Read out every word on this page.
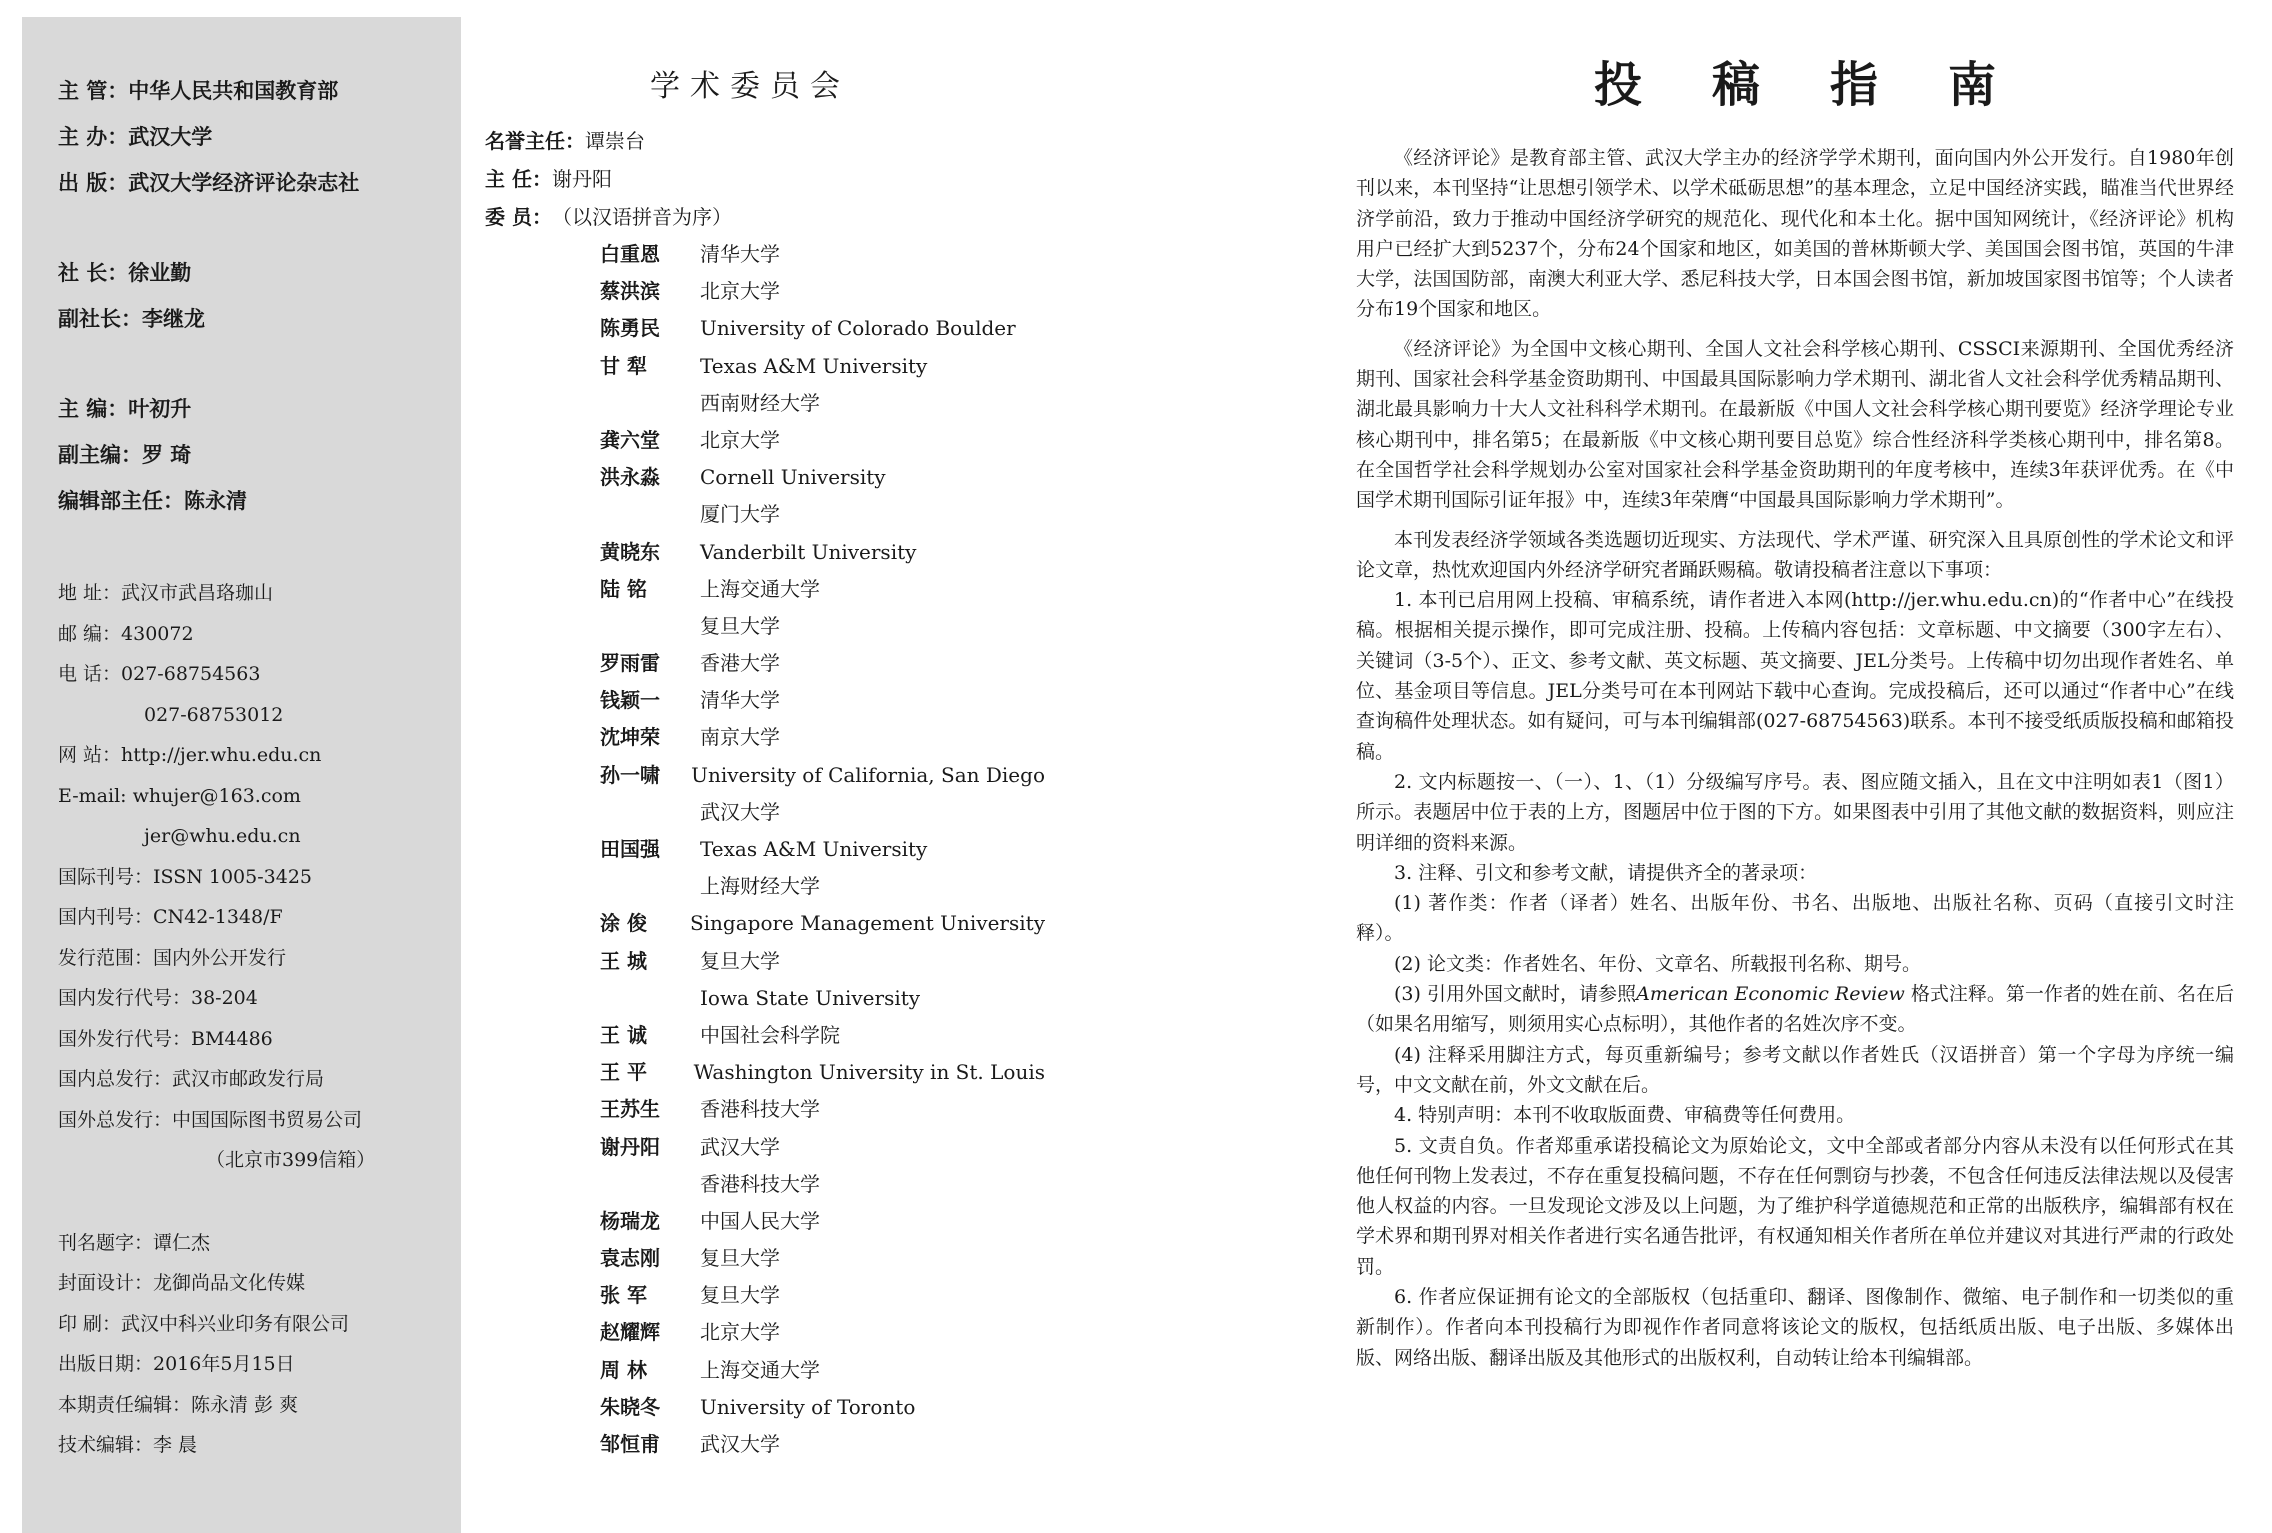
主 管：中华人民共和国教育部
主 办：武汉大学
出 版：武汉大学经济评论杂志社
社 长：徐业勤
副社长：李继龙
主 编：叶初升
副主编：罗 琦
编辑部主任：陈永清
地 址：武汉市武昌珞珈山
邮 编：430072
电 话：027-68754563
027-68753012
网 站：http://jer.whu.edu.cn
E-mail: whujer@163.com
jer@whu.edu.cn
国际刊号：ISSN 1005-3425
国内刊号：CN42-1348/F
发行范围：国内外公开发行
国内发行代号：38-204
国外发行代号：BM4486
国内总发行：武汉市邮政发行局
国外总发行：中国国际图书贸易公司
（北京市399信箱）
刊名题字：谭仁杰
封面设计：龙御尚品文化传媒
印 刷：武汉中科兴业印务有限公司
出版日期：2016年5月15日
本期责任编辑：陈永清 彭 爽
技术编辑：李 晨
学术委员会
名誉主任：谭崇台
主 任：谢丹阳
委 员：（以汉语拼音为序）
白重恩	清华大学
蔡洪滨	北京大学
陈勇民	University of Colorado Boulder
甘 犁	Texas A&M University
西南财经大学
龚六堂	北京大学
洪永淼	Cornell University
厦门大学
黄晓东	Vanderbilt University
陆 铭	上海交通大学
复旦大学
罗雨雷	香港大学
钱颖一	清华大学
沈坤荣	南京大学
孙一啸	University of California, San Diego
武汉大学
田国强	Texas A&M University
上海财经大学
涂 俊	Singapore Management University
王 城	复旦大学
Iowa State University
王 诚	中国社会科学院
王 平	Washington University in St. Louis
王苏生	香港科技大学
谢丹阳	武汉大学
香港科技大学
杨瑞龙	中国人民大学
袁志刚	复旦大学
张 军	复旦大学
赵耀辉	北京大学
周 林	上海交通大学
朱晓冬	University of Toronto
邹恒甫	武汉大学
投稿指南

《经济评论》是教育部主管、武汉大学主办的经济学学术期刊，面向国内外公开发行。自1980年创刊以来，本刊坚持“让思想引领学术、以学术砥砺思想”的基本理念，立足中国经济实践，瞄准当代世界经济学前沿，致力于推动中国经济学研究的规范化、现代化和本土化。据中国知网统计，《经济评论》机构用户已经扩大到5237个，分布24个国家和地区，如美国的普林斯顿大学、美国国会图书馆，英国的牛津大学，法国国防部，南澳大利亚大学、悉尼科技大学，日本国会图书馆，新加坡国家图书馆等；个人读者分布19个国家和地区。

《经济评论》为全国中文核心期刊、全国人文社会科学核心期刊、CSSCI来源期刊、全国优秀经济期刊、国家社会科学基金资助期刊、中国最具国际影响力学术期刊、湖北省人文社会科学优秀精品期刊、湖北最具影响力十大人文社科科学术期刊。在最新版《中国人文社会科学核心期刊要览》经济学理论专业核心期刊中，排名第5；在最新版《中文核心期刊要目总览》综合性经济科学类核心期刊中，排名第8。在全国哲学社会科学规划办公室对国家社会科学基金资助期刊的年度考核中，连续3年获评优秀。在《中国学术期刊国际引证年报》中，连续3年荣膺“中国最具国际影响力学术期刊”。

本刊发表经济学领域各类选题切近现实、方法现代、学术严谨、研究深入且具原创性的学术论文和评论文章，热忱欢迎国内外经济学研究者踊跃赐稿。敬请投稿者注意以下事项：

1. 本刊已启用网上投稿、审稿系统，请作者进入本网(http://jer.whu.edu.cn)的“作者中心”在线投稿。根据相关提示操作，即可完成注册、投稿。上传稿内容包括：文章标题、中文摘要（300字左右）、关键词（3-5个）、正文、参考文献、英文标题、英文摘要、JEL分类号。上传稿中切勿出现作者姓名、单位、基金项目等信息。JEL分类号可在本刊网站下载中心查询。完成投稿后，还可以通过“作者中心”在线查询稿件处理状态。如有疑问，可与本刊编辑部(027-68754563)联系。本刊不接受纸质版投稿和邮箱投稿。

2. 文内标题按一、（一）、1、（1）分级编写序号。表、图应随文插入，且在文中注明如表1（图1）所示。表题居中位于表的上方，图题居中位于图的下方。如果图表中引用了其他文献的数据资料，则应注明详细的资料来源。

3. 注释、引文和参考文献，请提供齐全的著录项：

(1) 著作类：作者（译者）姓名、出版年份、书名、出版地、出版社名称、页码（直接引文时注释）。

(2) 论文类：作者姓名、年份、文章名、所载报刊名称、期号。

(3) 引用外国文献时，请参照American Economic Review 格式注释。第一作者的姓在前、名在后（如果名用缩写，则须用实心点标明），其他作者的名姓次序不变。

(4) 注释采用脚注方式，每页重新编号；参考文献以作者姓氏（汉语拼音）第一个字母为序统一编号，中文文献在前，外文文献在后。

4. 特别声明：本刊不收取版面费、审稿费等任何费用。

5. 文责自负。作者郑重承诺投稿论文为原始论文，文中全部或者部分内容从未没有以任何形式在其他任何刊物上发表过，不存在重复投稿问题，不存在任何剽窃与抄袭，不包含任何违反法律法规以及侵害他人权益的内容。一旦发现论文涉及以上问题，为了维护科学道德规范和正常的出版秩序，编辑部有权在学术界和期刊界对相关作者进行实名通告批评，有权通知相关作者所在单位并建议对其进行严肃的行政处罚。

6. 作者应保证拥有论文的全部版权（包括重印、翻译、图像制作、微缩、电子制作和一切类似的重新制作）。作者向本刊投稿行为即视作作者同意将该论文的版权，包括纸质出版、电子出版、多媒体出版、网络出版、翻译出版及其他形式的出版权利，自动转让给本刊编辑部。
